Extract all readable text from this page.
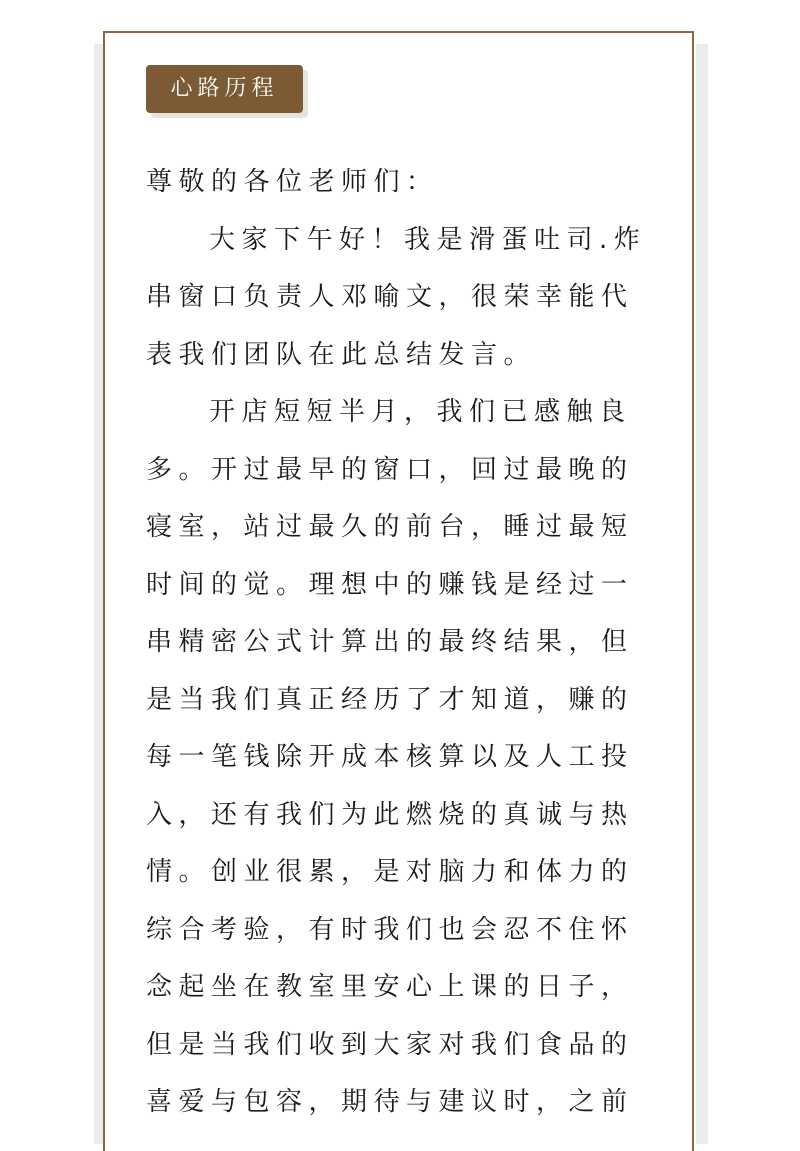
心路历程

尊敬的各位老师们：

大家下午好！我是滑蛋吐司.炸串窗口负责人邓喻文，很荣幸能代表我们团队在此总结发言。

开店短短半月，我们已感触良多。开过最早的窗口，回过最晚的寝室，站过最久的前台，睡过最短时间的觉。理想中的赚钱是经过一串精密公式计算出的最终结果，但是当我们真正经历了才知道，赚的每一笔钱除开成本核算以及人工投入，还有我们为此燃烧的真诚与热情。创业很累，是对脑力和体力的综合考验，有时我们也会忍不住怀念起坐在教室里安心上课的日子，但是当我们收到大家对我们食品的喜爱与包容，期待与建议时，之前
